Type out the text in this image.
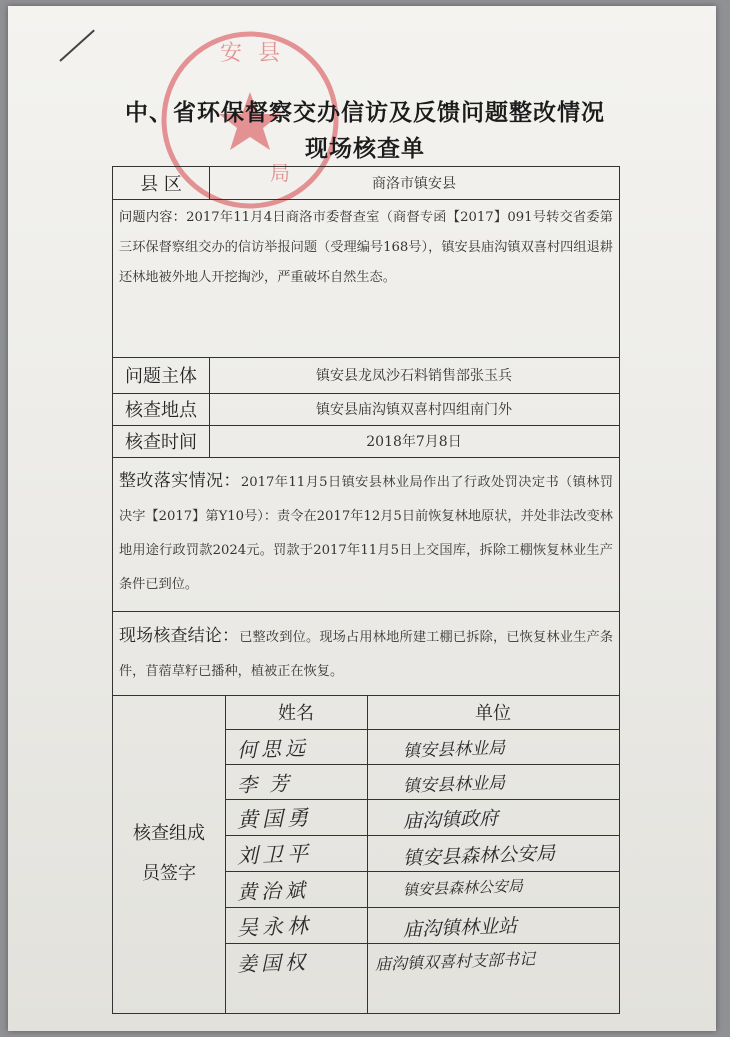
安 县
局
中、省环保督察交办信访及反馈问题整改情况
现场核查单
县 区	商洛市镇安县
问题内容：2017年11月4日商洛市委督查室（商督专函【2017】091号转交省委第三环保督察组交办的信访举报问题（受理编号168号），镇安县庙沟镇双喜村四组退耕还林地被外地人开挖掏沙，严重破坏自然生态。
问题主体	镇安县龙凤沙石料销售部张玉兵
核查地点	镇安县庙沟镇双喜村四组南门外
核查时间	2018年7月8日
整改落实情况：2017年11月5日镇安县林业局作出了行政处罚决定书（镇林罚决字【2017】第Y10号）：责令在2017年12月5日前恢复林地原状，并处非法改变林地用途行政罚款2024元。罚款于2017年11月5日上交国库，拆除工棚恢复林业生产条件已到位。
现场核查结论：已整改到位。现场占用林地所建工棚已拆除，已恢复林业生产条件，苜蓿草籽已播种，植被正在恢复。
核查组成
员签字
姓名	单位
何思远	镇安县林业局
李芳	镇安县林业局
黄国勇	庙沟镇政府
刘卫平	镇安县森林公安局
黄治斌	镇安县森林公安局
吴永林	庙沟镇林业站
姜国权	庙沟镇双喜村支部书记
